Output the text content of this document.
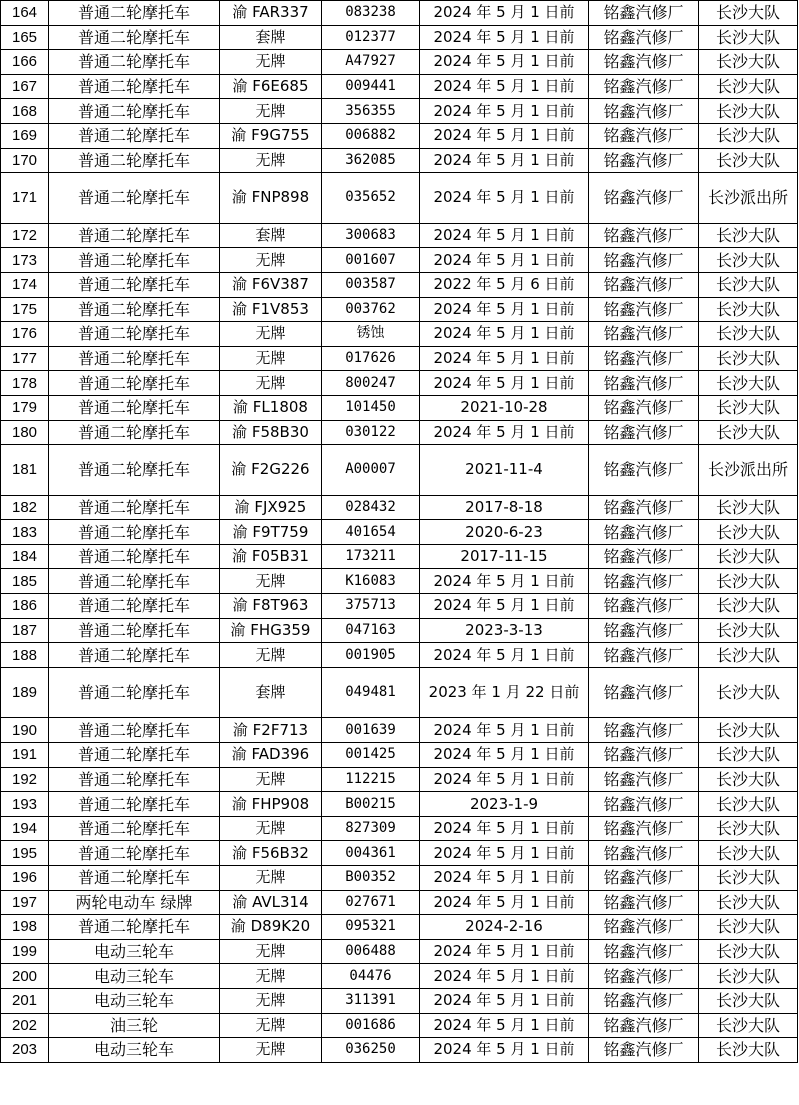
164	普通二轮摩托车	渝 FAR337	083238	2024 年 5 月 1 日前	铭鑫汽修厂	长沙大队
165	普通二轮摩托车	套牌	012377	2024 年 5 月 1 日前	铭鑫汽修厂	长沙大队
166	普通二轮摩托车	无牌	A47927	2024 年 5 月 1 日前	铭鑫汽修厂	长沙大队
167	普通二轮摩托车	渝 F6E685	009441	2024 年 5 月 1 日前	铭鑫汽修厂	长沙大队
168	普通二轮摩托车	无牌	356355	2024 年 5 月 1 日前	铭鑫汽修厂	长沙大队
169	普通二轮摩托车	渝 F9G755	006882	2024 年 5 月 1 日前	铭鑫汽修厂	长沙大队
170	普通二轮摩托车	无牌	362085	2024 年 5 月 1 日前	铭鑫汽修厂	长沙大队
171	普通二轮摩托车	渝 FNP898	035652	2024 年 5 月 1 日前	铭鑫汽修厂	长沙派出所
172	普通二轮摩托车	套牌	300683	2024 年 5 月 1 日前	铭鑫汽修厂	长沙大队
173	普通二轮摩托车	无牌	001607	2024 年 5 月 1 日前	铭鑫汽修厂	长沙大队
174	普通二轮摩托车	渝 F6V387	003587	2022 年 5 月 6 日前	铭鑫汽修厂	长沙大队
175	普通二轮摩托车	渝 F1V853	003762	2024 年 5 月 1 日前	铭鑫汽修厂	长沙大队
176	普通二轮摩托车	无牌	锈蚀	2024 年 5 月 1 日前	铭鑫汽修厂	长沙大队
177	普通二轮摩托车	无牌	017626	2024 年 5 月 1 日前	铭鑫汽修厂	长沙大队
178	普通二轮摩托车	无牌	800247	2024 年 5 月 1 日前	铭鑫汽修厂	长沙大队
179	普通二轮摩托车	渝 FL1808	101450	2021-10-28	铭鑫汽修厂	长沙大队
180	普通二轮摩托车	渝 F58B30	030122	2024 年 5 月 1 日前	铭鑫汽修厂	长沙大队
181	普通二轮摩托车	渝 F2G226	A00007	2021-11-4	铭鑫汽修厂	长沙派出所
182	普通二轮摩托车	渝 FJX925	028432	2017-8-18	铭鑫汽修厂	长沙大队
183	普通二轮摩托车	渝 F9T759	401654	2020-6-23	铭鑫汽修厂	长沙大队
184	普通二轮摩托车	渝 F05B31	173211	2017-11-15	铭鑫汽修厂	长沙大队
185	普通二轮摩托车	无牌	K16083	2024 年 5 月 1 日前	铭鑫汽修厂	长沙大队
186	普通二轮摩托车	渝 F8T963	375713	2024 年 5 月 1 日前	铭鑫汽修厂	长沙大队
187	普通二轮摩托车	渝 FHG359	047163	2023-3-13	铭鑫汽修厂	长沙大队
188	普通二轮摩托车	无牌	001905	2024 年 5 月 1 日前	铭鑫汽修厂	长沙大队
189	普通二轮摩托车	套牌	049481	2023 年 1 月 22 日前	铭鑫汽修厂	长沙大队
190	普通二轮摩托车	渝 F2F713	001639	2024 年 5 月 1 日前	铭鑫汽修厂	长沙大队
191	普通二轮摩托车	渝 FAD396	001425	2024 年 5 月 1 日前	铭鑫汽修厂	长沙大队
192	普通二轮摩托车	无牌	112215	2024 年 5 月 1 日前	铭鑫汽修厂	长沙大队
193	普通二轮摩托车	渝 FHP908	B00215	2023-1-9	铭鑫汽修厂	长沙大队
194	普通二轮摩托车	无牌	827309	2024 年 5 月 1 日前	铭鑫汽修厂	长沙大队
195	普通二轮摩托车	渝 F56B32	004361	2024 年 5 月 1 日前	铭鑫汽修厂	长沙大队
196	普通二轮摩托车	无牌	B00352	2024 年 5 月 1 日前	铭鑫汽修厂	长沙大队
197	两轮电动车 绿牌	渝 AVL314	027671	2024 年 5 月 1 日前	铭鑫汽修厂	长沙大队
198	普通二轮摩托车	渝 D89K20	095321	2024-2-16	铭鑫汽修厂	长沙大队
199	电动三轮车	无牌	006488	2024 年 5 月 1 日前	铭鑫汽修厂	长沙大队
200	电动三轮车	无牌	04476	2024 年 5 月 1 日前	铭鑫汽修厂	长沙大队
201	电动三轮车	无牌	311391	2024 年 5 月 1 日前	铭鑫汽修厂	长沙大队
202	油三轮	无牌	001686	2024 年 5 月 1 日前	铭鑫汽修厂	长沙大队
203	电动三轮车	无牌	036250	2024 年 5 月 1 日前	铭鑫汽修厂	长沙大队
